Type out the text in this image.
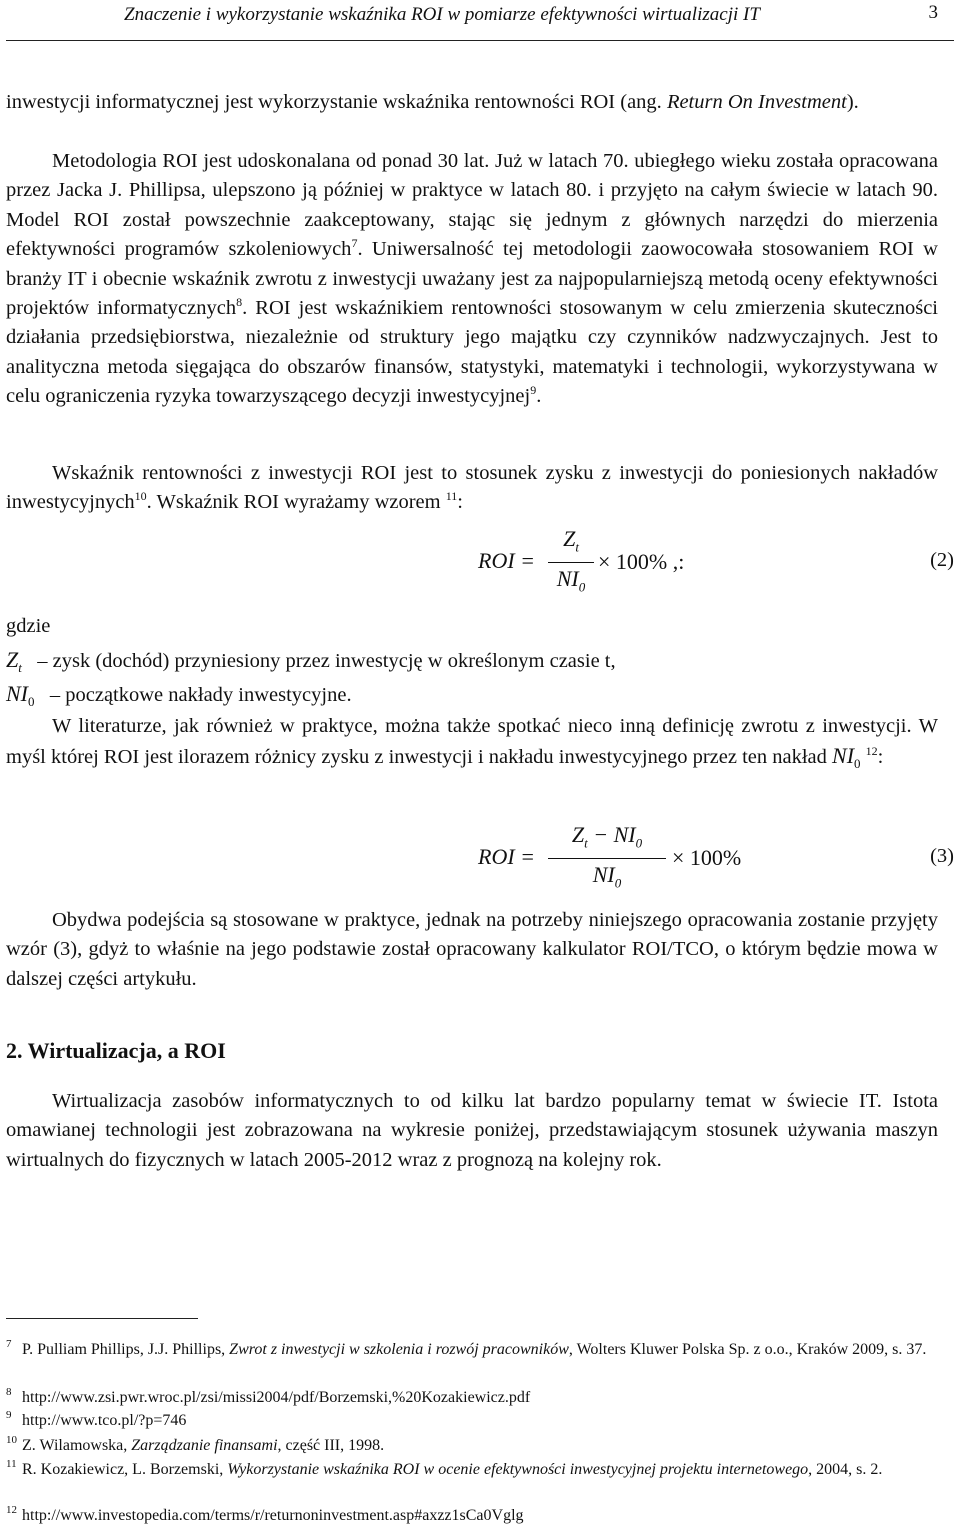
Znaczenie i wykorzystanie wskaźnika ROI w pomiarze efektywności wirtualizacji IT	3

inwestycji informatycznej jest wykorzystanie wskaźnika rentowności ROI (ang. Return On Investment).

Metodologia ROI jest udoskonalana od ponad 30 lat. Już w latach 70. ubiegłego wieku została opracowana przez Jacka J. Phillipsa, ulepszono ją później w praktyce w latach 80. i przyjęto na całym świecie w latach 90. Model ROI został powszechnie zaakceptowany, stając się jednym z głównych narzędzi do mierzenia efektywności programów szkoleniowych$^7$. Uniwersalność tej metodologii zaowocowała stosowaniem ROI w branży IT i obecnie wskaźnik zwrotu z inwestycji uważany jest za najpopularniejszą metodą oceny efektywności projektów informatycznych$^8$. ROI jest wskaźnikiem rentowności stosowanym w celu zmierzenia skuteczności działania przedsiębiorstwa, niezależnie od struktury jego majątku czy czynników nadzwyczajnych. Jest to analityczna metoda sięgająca do obszarów finansów, statystyki, matematyki i technologii, wykorzystywana w celu ograniczenia ryzyka towarzyszącego decyzji inwestycyjnej$^9$.

Wskaźnik rentowności z inwestycji ROI jest to stosunek zysku z inwestycji do poniesionych nakładów inwestycyjnych$^{10}$. Wskaźnik ROI wyrażamy wzorem $^{11}$:

ROI =
$Z_t$
$NI_0$
× 100% ,:	(2)

gdzie

$Z_t$ – zysk (dochód) przyniesiony przez inwestycję w określonym czasie t,
$NI_0$ – początkowe nakłady inwestycyjne.

W literaturze, jak również w praktyce, można także spotkać nieco inną definicję zwrotu z inwestycji. W myśl której ROI jest ilorazem różnicy zysku z inwestycji i nakładu inwestycyjnego przez ten nakład $NI_0$ $^{12}$:

ROI =
$Z_t - NI_0$
$NI_0$
× 100%	(3)

Obydwa podejścia są stosowane w praktyce, jednak na potrzeby niniejszego opracowania zostanie przyjęty wzór (3), gdyż to właśnie na jego podstawie został opracowany kalkulator ROI/TCO, o którym będzie mowa w dalszej części artykułu.

2. Wirtualizacja, a ROI

Wirtualizacja zasobów informatycznych to od kilku lat bardzo popularny temat w świecie IT. Istota omawianej technologii jest zobrazowana na wykresie poniżej, przedstawiającym stosunek używania maszyn wirtualnych do fizycznych w latach 2005-2012 wraz z prognozą na kolejny rok.

7 P. Pulliam Phillips, J.J. Phillips, Zwrot z inwestycji w szkolenia i rozwój pracowników, Wolters Kluwer Polska Sp. z o.o., Kraków 2009, s. 37.
8 http://www.zsi.pwr.wroc.pl/zsi/missi2004/pdf/Borzemski,%20Kozakiewicz.pdf
9 http://www.tco.pl/?p=746
10 Z. Wilamowska, Zarządzanie finansami, część III, 1998.
11 R. Kozakiewicz, L. Borzemski, Wykorzystanie wskaźnika ROI w ocenie efektywności inwestycyjnej projektu internetowego, 2004, s. 2.
12 http://www.investopedia.com/terms/r/returnoninvestment.asp#axzz1sCa0Vglg
